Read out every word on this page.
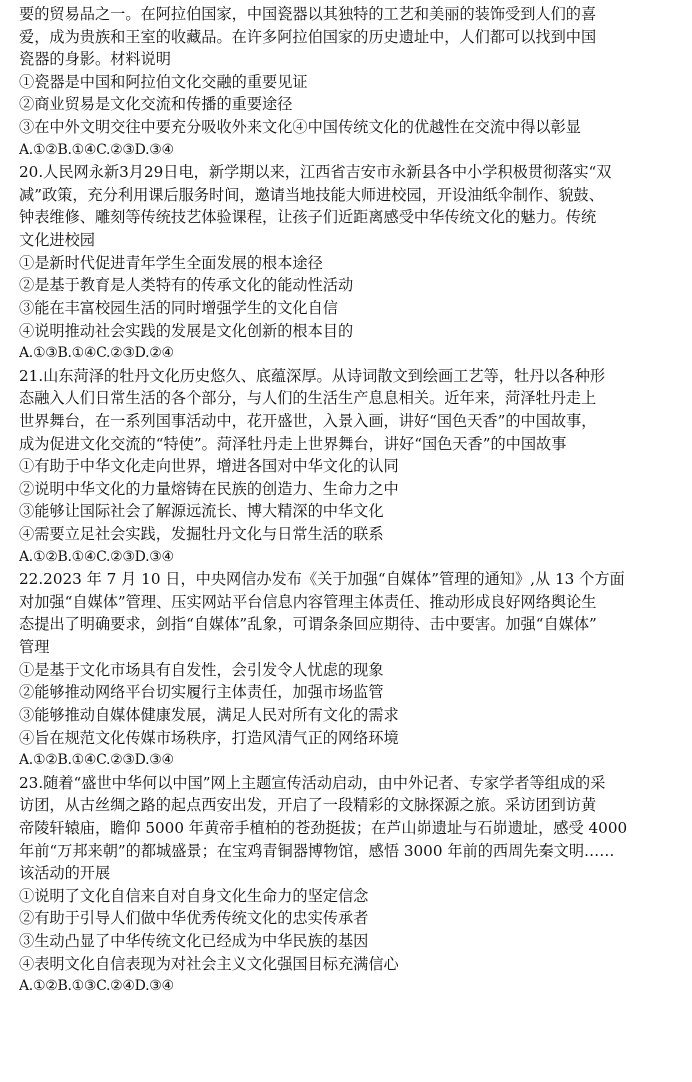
要的贸易品之一。在阿拉伯国家，中国瓷器以其独特的工艺和美丽的装饰受到人们的喜
爱，成为贵族和王室的收藏品。在许多阿拉伯国家的历史遗址中，人们都可以找到中国
瓷器的身影。材料说明
①瓷器是中国和阿拉伯文化交融的重要见证
②商业贸易是文化交流和传播的重要途径
③在中外文明交往中要充分吸收外来文化④中国传统文化的优越性在交流中得以彰显
A.①②B.①④C.②③D.③④
20.人民网永新3月29日电，新学期以来，江西省吉安市永新县各中小学积极贯彻落实“双
减”政策，充分利用课后服务时间，邀请当地技能大师进校园，开设油纸伞制作、貌鼓、
钟表维修、雕刻等传统技艺体验课程，让孩子们近距离感受中华传统文化的魅力。传统
文化进校园
①是新时代促进青年学生全面发展的根本途径
②是基于教育是人类特有的传承文化的能动性活动
③能在丰富校园生活的同时增强学生的文化自信
④说明推动社会实践的发展是文化创新的根本目的
A.①③B.①④C.②③D.②④
21.山东菏泽的牡丹文化历史悠久、底蕴深厚。从诗词散文到绘画工艺等，牡丹以各种形
态融入人们日常生活的各个部分，与人们的生活生产息息相关。近年来，菏泽牡丹走上
世界舞台，在一系列国事活动中，花开盛世，入景入画，讲好“国色天香”的中国故事，
成为促进文化交流的“特使”。菏泽牡丹走上世界舞台，讲好“国色天香”的中国故事
①有助于中华文化走向世界，增进各国对中华文化的认同
②说明中华文化的力量熔铸在民族的创造力、生命力之中
③能够让国际社会了解源远流长、博大精深的中华文化
④需要立足社会实践，发掘牡丹文化与日常生活的联系
A.①②B.①④C.②③D.③④
22.2023 年 7 月 10 日，中央网信办发布《关于加强“自媒体”管理的通知》,从 13 个方面
对加强“自媒体”管理、压实网站平台信息内容管理主体责任、推动形成良好网络舆论生
态提出了明确要求，剑指“自媒体”乱象，可谓条条回应期待、击中要害。加强“自媒体”
管理
①是基于文化市场具有自发性，会引发令人忧虑的现象
②能够推动网络平台切实履行主体责任，加强市场监管
③能够推动自媒体健康发展，满足人民对所有文化的需求
④旨在规范文化传媒市场秩序，打造风清气正的网络环境
A.①②B.①④C.②③D.③④
23.随着“盛世中华何以中国”网上主题宣传活动启动，由中外记者、专家学者等组成的采
访团，从古丝绸之路的起点西安出发，开启了一段精彩的文脉探源之旅。采访团到访黄
帝陵轩辕庙，瞻仰 5000 年黄帝手植柏的苍劲挺拔；在芦山峁遗址与石峁遗址，感受 4000
年前“万邦来朝”的都城盛景；在宝鸡青铜器博物馆，感悟 3000 年前的西周先秦文明……
该活动的开展
①说明了文化自信来自对自身文化生命力的坚定信念
②有助于引导人们做中华优秀传统文化的忠实传承者
③生动凸显了中华传统文化已经成为中华民族的基因
④表明文化自信表现为对社会主义文化强国目标充满信心
A.①②B.①③C.②④D.③④
